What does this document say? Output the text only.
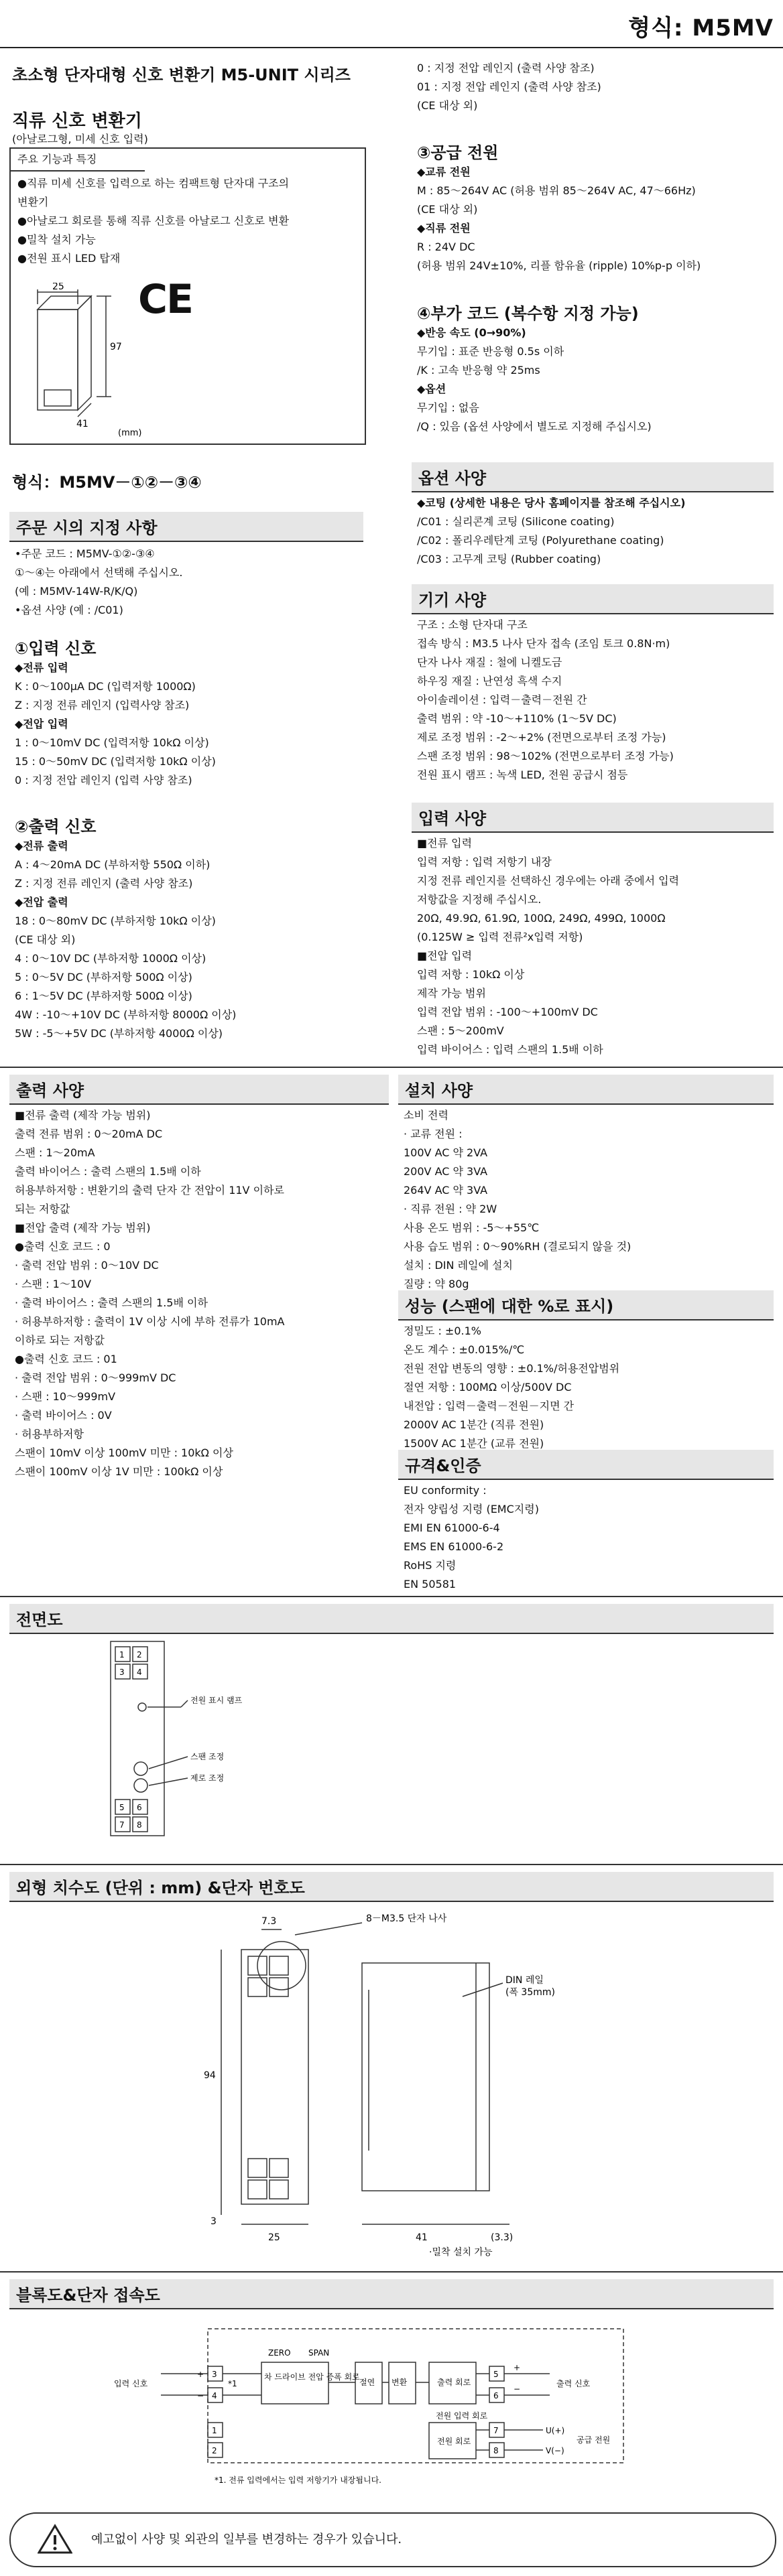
형식: M5MV
초소형 단자대형 신호 변환기 M5-UNIT 시리즈
직류 신호 변환기
(아날로그형, 미세 신호 입력)
주요 기능과 특징
●직류 미세 신호를 입력으로 하는 컴팩트형 단자대 구조의
변환기
●아날로그 회로를 통해 직류 신호를 아날로그 신호로 변환
●밀착 설치 가능
●전원 표시 LED 탑재
25
97
41
(mm)
CE
형식：M5MV－①②－③④
주문 시의 지정 사항
•주문 코드 : M5MV-①②-③④
①～④는 아래에서 선택해 주십시오.
(예 : M5MV-14W-R/K/Q)
•옵션 사양 (예 : /C01)
①입력 신호
◆전류 입력
K : 0～100μA DC (입력저항 1000Ω)
Z : 지정 전류 레인지 (입력사양 참조)
◆전압 입력
1 : 0～10mV DC (입력저항 10kΩ 이상)
15 : 0～50mV DC (입력저항 10kΩ 이상)
0 : 지정 전압 레인지 (입력 사양 참조)
②출력 신호
◆전류 출력
A : 4～20mA DC (부하저항 550Ω 이하)
Z : 지정 전류 레인지 (출력 사양 참조)
◆전압 출력
18 : 0～80mV DC (부하저항 10kΩ 이상)
(CE 대상 외)
4 : 0～10V DC (부하저항 1000Ω 이상)
5 : 0～5V DC (부하저항 500Ω 이상)
6 : 1～5V DC (부하저항 500Ω 이상)
4W : -10～+10V DC (부하저항 8000Ω 이상)
5W : -5～+5V DC (부하저항 4000Ω 이상)
0 : 지정 전압 레인지 (출력 사양 참조)
01 : 지정 전압 레인지 (출력 사양 참조)
(CE 대상 외)
③공급 전원
◆교류 전원
M : 85～264V AC (허용 범위 85～264V AC, 47～66Hz)
(CE 대상 외)
◆직류 전원
R : 24V DC
(허용 범위 24V±10%, 리플 함유율 (ripple) 10%p-p 이하)
④부가 코드 (복수항 지정 가능)
◆반응 속도 (0→90%)
무기입 : 표준 반응형 0.5s 이하
/K : 고속 반응형 약 25ms
◆옵션
무기입 : 없음
/Q : 있음 (옵션 사양에서 별도로 지정해 주십시오)
옵션 사양
◆코팅 (상세한 내용은 당사 홈페이지를 참조해 주십시오)
/C01 : 실리콘계 코팅 (Silicone coating)
/C02 : 폴리우레탄계 코팅 (Polyurethane coating)
/C03 : 고무계 코팅 (Rubber coating)
기기 사양
구조 : 소형 단자대 구조
접속 방식 : M3.5 나사 단자 접속 (조임 토크 0.8N·m)
단자 나사 재질 : 철에 니켈도금
하우징 재질 : 난연성 흑색 수지
아이솔레이션 : 입력－출력－전원 간
출력 범위 : 약 -10～+110% (1～5V DC)
제로 조정 범위 : -2～+2% (전면으로부터 조정 가능)
스팬 조정 범위 : 98～102% (전면으로부터 조정 가능)
전원 표시 램프 : 녹색 LED, 전원 공급시 점등
입력 사양
■전류 입력
입력 저항 : 입력 저항기 내장
지정 전류 레인지를 선택하신 경우에는 아래 중에서 입력
저항값을 지정해 주십시오.
20Ω, 49.9Ω, 61.9Ω, 100Ω, 249Ω, 499Ω, 1000Ω
(0.125W ≥ 입력 전류²x입력 저항)
■전압 입력
입력 저항 : 10kΩ 이상
제작 가능 범위
입력 전압 범위 : -100～+100mV DC
스팬 : 5～200mV
입력 바이어스 : 입력 스팬의 1.5배 이하
출력 사양
■전류 출력 (제작 가능 범위)
출력 전류 범위 : 0～20mA DC
스팬 : 1～20mA
출력 바이어스 : 출력 스팬의 1.5배 이하
허용부하저항 : 변환기의 출력 단자 간 전압이 11V 이하로
되는 저항값
■전압 출력 (제작 가능 범위)
●출력 신호 코드 : 0
· 출력 전압 범위 : 0～10V DC
· 스팬 : 1～10V
· 출력 바이어스 : 출력 스팬의 1.5배 이하
· 허용부하저항 : 출력이 1V 이상 시에 부하 전류가 10mA
이하로 되는 저항값
●출력 신호 코드 : 01
· 출력 전압 범위 : 0～999mV DC
· 스팬 : 10～999mV
· 출력 바이어스 : 0V
· 허용부하저항
스팬이 10mV 이상 100mV 미만 : 10kΩ 이상
스팬이 100mV 이상 1V 미만 : 100kΩ 이상
설치 사양
소비 전력
· 교류 전원 :
100V AC 약 2VA
200V AC 약 3VA
264V AC 약 3VA
· 직류 전원 : 약 2W
사용 온도 범위 : -5～+55℃
사용 습도 범위 : 0～90%RH (결로되지 않을 것)
설치 : DIN 레일에 설치
질량 : 약 80g
성능 (스팬에 대한 %로 표시)
정밀도 : ±0.1%
온도 계수 : ±0.015%/℃
전원 전압 변동의 영향 : ±0.1%/허용전압범위
절연 저항 : 100MΩ 이상/500V DC
내전압 : 입력－출력－전원－지면 간
2000V AC 1분간 (직류 전원)
1500V AC 1분간 (교류 전원)
규격&인증
EU conformity :
전자 양립성 지령 (EMC지령)
EMI EN 61000-6-4
EMS EN 61000-6-2
RoHS 지령
EN 50581
전면도
1 2
3 4
5 6
7 8
전원 표시 램프
스팬 조정
제로 조정
외형 치수도 (단위 : mm) &단자 번호도
7.3	8－M3.5 단자 나사
94
25	41	(3.3)
3
DIN 레일
(폭 35mm)
·밀착 설치 가능
블록도&단자 접속도
입력 신호	출력 신호
공급 전원
전원 입력 회로
차 드라이브 전압 증폭 회로
절연 변환	출력 회로
전원 회로
ZERO SPAN
*1
3
4
1
2
5
6
7
8
+
−
+
−
U(+)
V(−)
*1. 전류 입력에서는 입력 저항기가 내장됩니다.
예고없이 사양 및 외관의 일부를 변경하는 경우가 있습니다.
